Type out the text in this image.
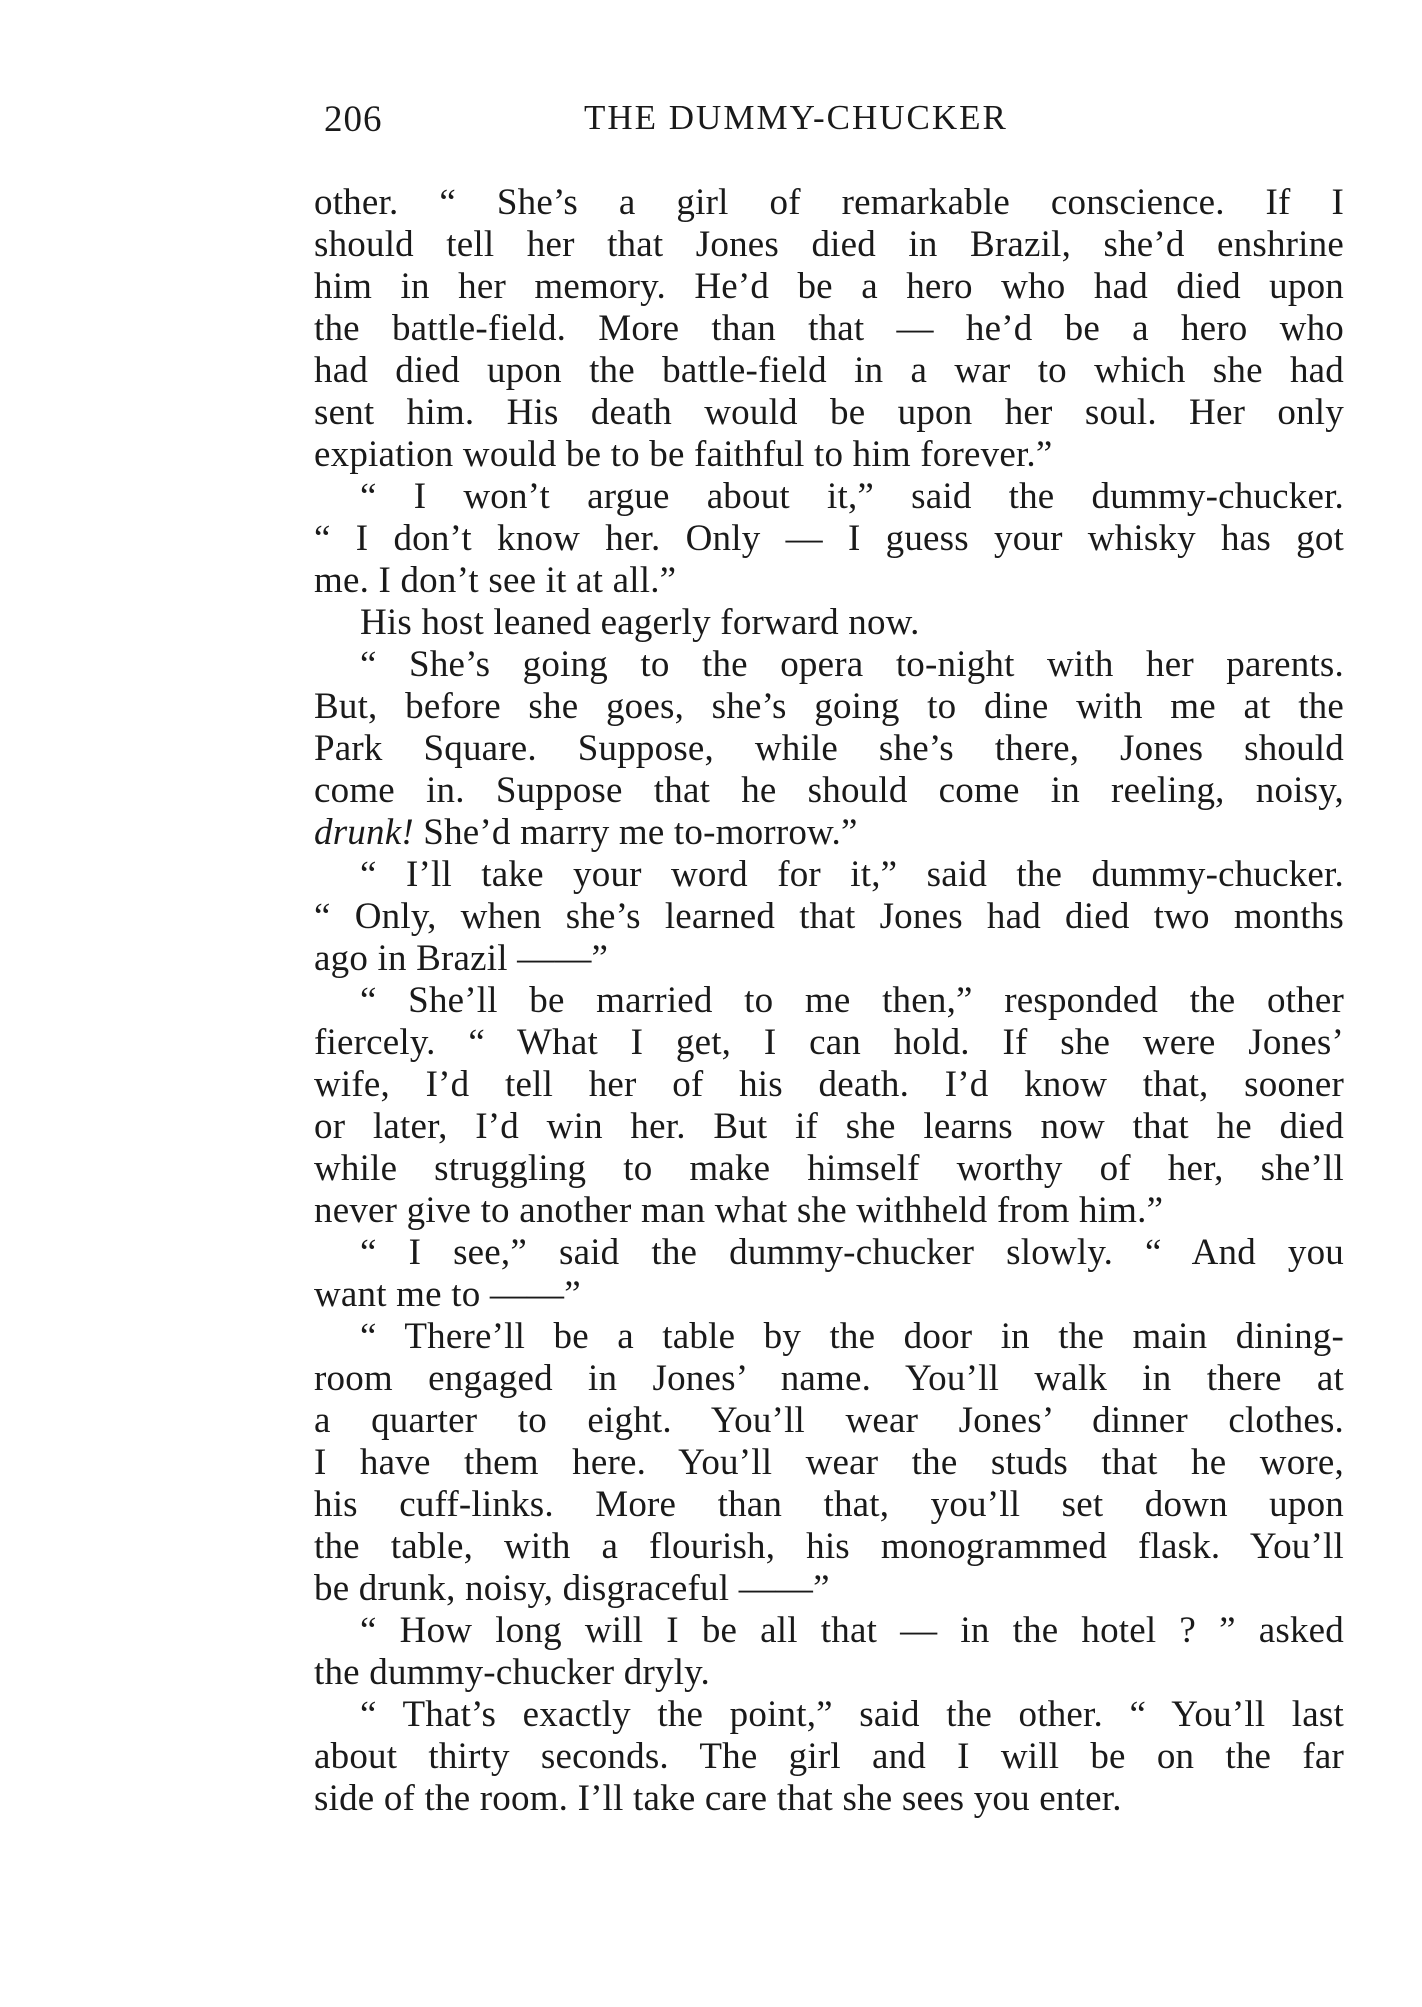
206	THE DUMMY-CHUCKER
other. “ She’s a girl of remarkable conscience. If I
should tell her that Jones died in Brazil, she’d enshrine
him in her memory. He’d be a hero who had died upon
the battle-field. More than that — he’d be a hero who
had died upon the battle-field in a war to which she had
sent him. His death would be upon her soul. Her only
expiation would be to be faithful to him forever.”
“ I won’t argue about it,” said the dummy-chucker.
“ I don’t know her. Only — I guess your whisky has got
me. I don’t see it at all.”
His host leaned eagerly forward now.
“ She’s going to the opera to-night with her parents.
But, before she goes, she’s going to dine with me at the
Park Square. Suppose, while she’s there, Jones should
come in. Suppose that he should come in reeling, noisy,
drunk! She’d marry me to-morrow.”
“ I’ll take your word for it,” said the dummy-chucker.
“ Only, when she’s learned that Jones had died two months
ago in Brazil ——”
“ She’ll be married to me then,” responded the other
fiercely. “ What I get, I can hold. If she were Jones’
wife, I’d tell her of his death. I’d know that, sooner
or later, I’d win her. But if she learns now that he died
while struggling to make himself worthy of her, she’ll
never give to another man what she withheld from him.”
“ I see,” said the dummy-chucker slowly. “ And you
want me to ——”
“ There’ll be a table by the door in the main dining-
room engaged in Jones’ name. You’ll walk in there at
a quarter to eight. You’ll wear Jones’ dinner clothes.
I have them here. You’ll wear the studs that he wore,
his cuff-links. More than that, you’ll set down upon
the table, with a flourish, his monogrammed flask. You’ll
be drunk, noisy, disgraceful ——”
“ How long will I be all that — in the hotel ? ” asked
the dummy-chucker dryly.
“ That’s exactly the point,” said the other. “ You’ll last
about thirty seconds. The girl and I will be on the far
side of the room. I’ll take care that she sees you enter.
